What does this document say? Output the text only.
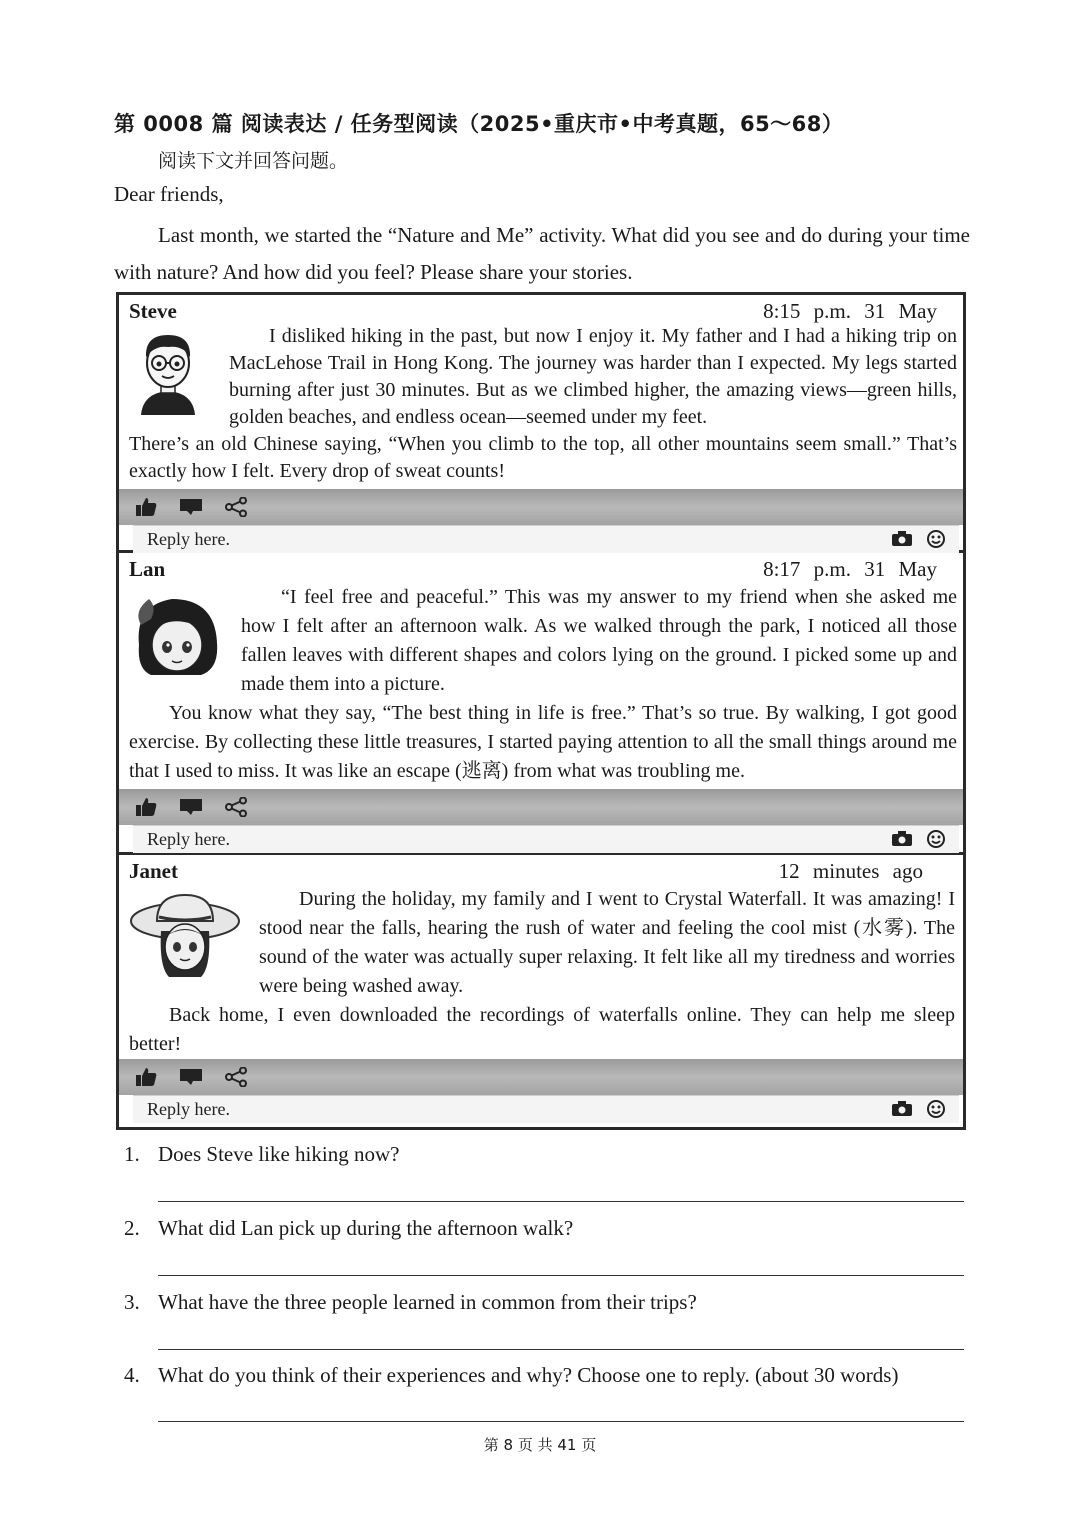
第 0008 篇 阅读表达 / 任务型阅读（2025•重庆市•中考真题，65～68）
阅读下文并回答问题。
Dear friends,
Last month, we started the “Nature and Me” activity. What did you see and do during your time with nature? And how did you feel? Please share your stories.
Steve	8:15 p.m. 31 May

I disliked hiking in the past, but now I enjoy it. My father and I had a hiking trip on MacLehose Trail in Hong Kong. The journey was harder than I expected. My legs started burning after just 30 minutes. But as we climbed higher, the amazing views—green hills, golden beaches, and endless ocean—seemed under my feet.

There’s an old Chinese saying, “When you climb to the top, all other mountains seem small.” That’s exactly how I felt. Every drop of sweat counts!

Reply here.
Lan	8:17 p.m. 31 May

“I feel free and peaceful.” This was my answer to my friend when she asked me how I felt after an afternoon walk. As we walked through the park, I noticed all those fallen leaves with different shapes and colors lying on the ground. I picked some up and made them into a picture.

You know what they say, “The best thing in life is free.” That’s so true. By walking, I got good exercise. By collecting these little treasures, I started paying attention to all the small things around me that I used to miss. It was like an escape (逃离) from what was troubling me.

Reply here.
Janet	12 minutes ago

During the holiday, my family and I went to Crystal Waterfall. It was amazing! I stood near the falls, hearing the rush of water and feeling the cool mist (水雾). The sound of the water was actually super relaxing. It felt like all my tiredness and worries were being washed away.

Back home, I even downloaded the recordings of waterfalls online. They can help me sleep better!

Reply here.
1. Does Steve like hiking now?
2. What did Lan pick up during the afternoon walk?
3. What have the three people learned in common from their trips?
4. What do you think of their experiences and why? Choose one to reply. (about 30 words)
第 8 页 共 41 页
